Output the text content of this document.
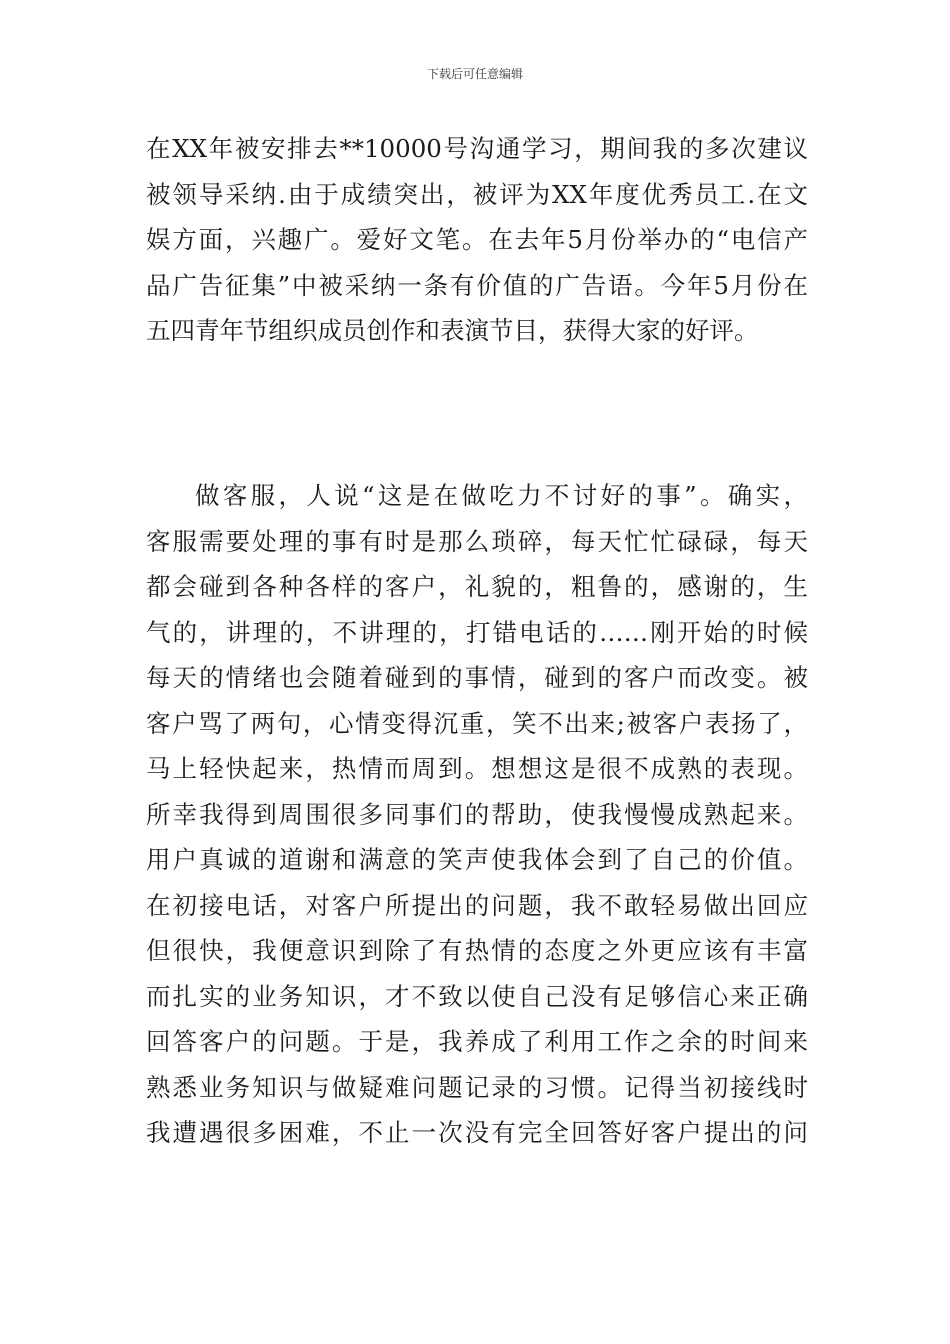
下载后可任意编辑
在XX年被安排去**10000号沟通学习，期间我的多次建议
被领导采纳.由于成绩突出，被评为XX年度优秀员工.在文
娱方面，兴趣广。爱好文笔。在去年5月份举办的“电信产
品广告征集”中被采纳一条有价值的广告语。今年5月份在
五四青年节组织成员创作和表演节目，获得大家的好评。
做客服，人说“这是在做吃力不讨好的事”。确实，
客服需要处理的事有时是那么琐碎，每天忙忙碌碌，每天
都会碰到各种各样的客户，礼貌的，粗鲁的，感谢的，生
气的，讲理的，不讲理的，打错电话的……刚开始的时候
每天的情绪也会随着碰到的事情，碰到的客户而改变。被
客户骂了两句，心情变得沉重，笑不出来;被客户表扬了，
马上轻快起来，热情而周到。想想这是很不成熟的表现。
所幸我得到周围很多同事们的帮助，使我慢慢成熟起来。
用户真诚的道谢和满意的笑声使我体会到了自己的价值。
在初接电话，对客户所提出的问题，我不敢轻易做出回应
但很快，我便意识到除了有热情的态度之外更应该有丰富
而扎实的业务知识，才不致以使自己没有足够信心来正确
回答客户的问题。于是，我养成了利用工作之余的时间来
熟悉业务知识与做疑难问题记录的习惯。记得当初接线时
我遭遇很多困难，不止一次没有完全回答好客户提出的问
